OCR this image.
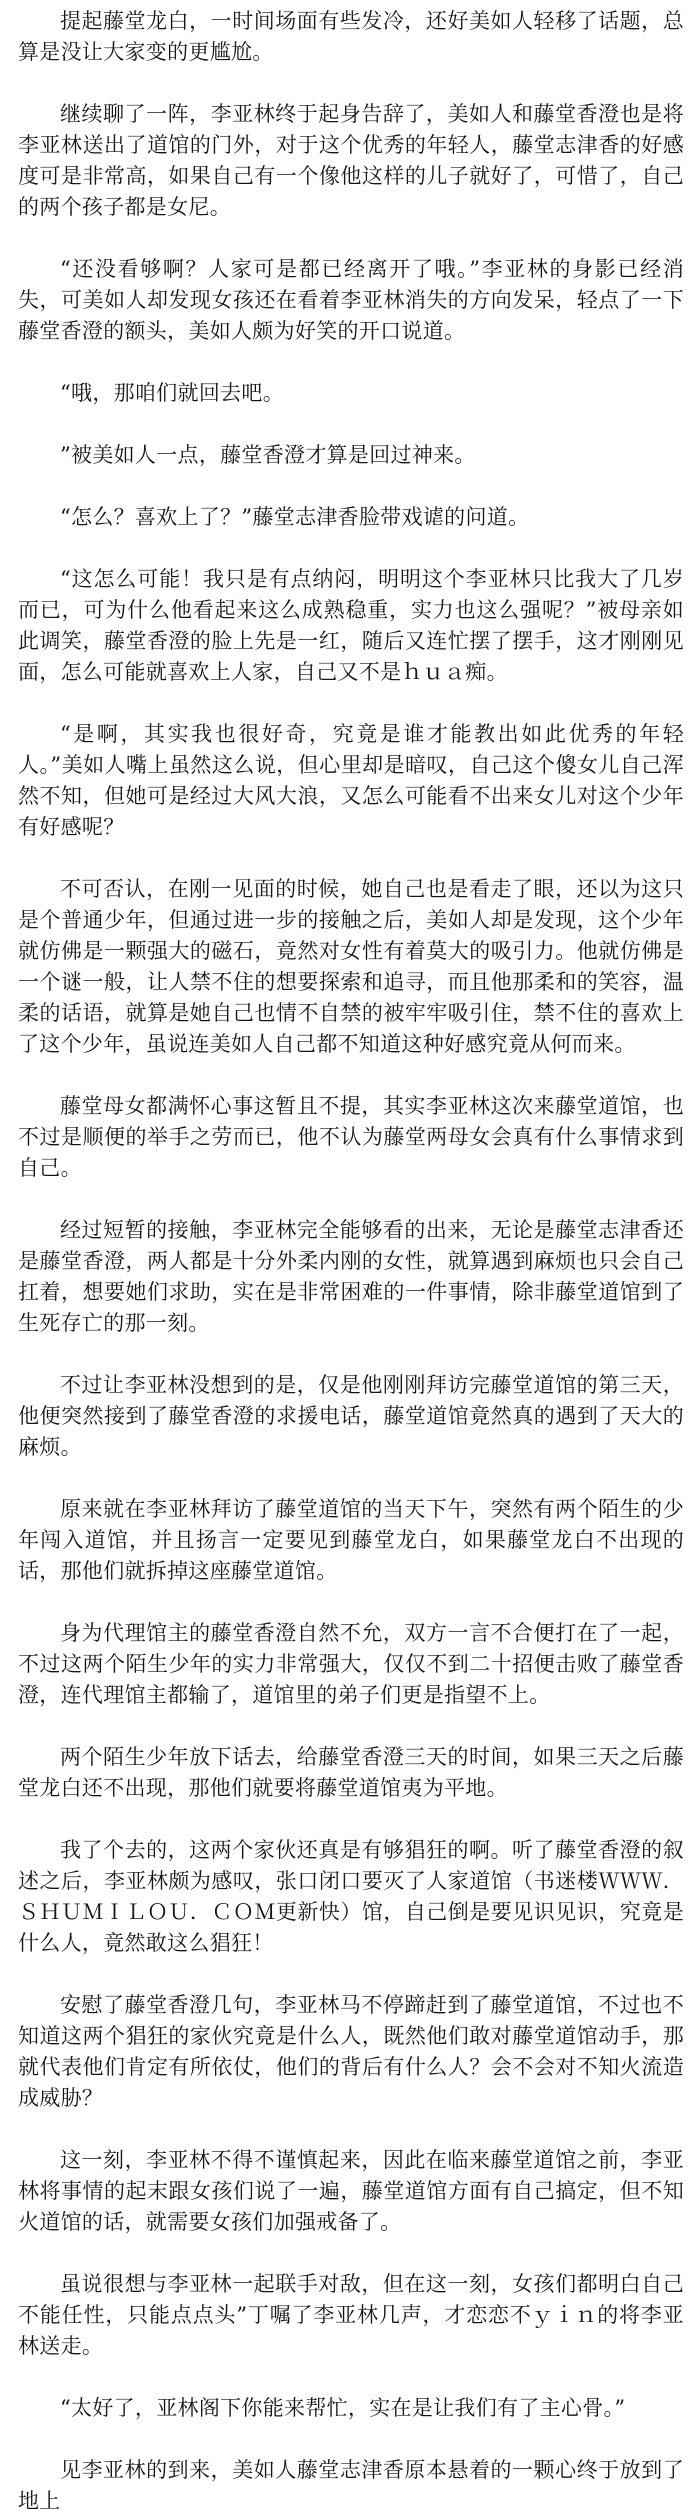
提起藤堂龙白，一时间场面有些发冷，还好美如人轻移了话题，总算是没让大家变的更尴尬。

继续聊了一阵，李亚林终于起身告辞了，美如人和藤堂香澄也是将李亚林送出了道馆的门外，对于这个优秀的年轻人，藤堂志津香的好感度可是非常高，如果自己有一个像他这样的儿子就好了，可惜了，自己的两个孩子都是女尼。

“还没看够啊？人家可是都已经离开了哦。”李亚林的身影已经消失，可美如人却发现女孩还在看着李亚林消失的方向发呆，轻点了一下藤堂香澄的额头，美如人颇为好笑的开口说道。

“哦，那咱们就回去吧。

”被美如人一点，藤堂香澄才算是回过神来。

“怎么？喜欢上了？”藤堂志津香脸带戏谑的问道。

“这怎么可能！我只是有点纳闷，明明这个李亚林只比我大了几岁而已，可为什么他看起来这么成熟稳重，实力也这么强呢？”被母亲如此调笑，藤堂香澄的脸上先是一红，随后又连忙摆了摆手，这才刚刚见面，怎么可能就喜欢上人家，自己又不是ｈｕａ痴。

“是啊，其实我也很好奇，究竟是谁才能教出如此优秀的年轻人。”美如人嘴上虽然这么说，但心里却是暗叹，自己这个傻女儿自己浑然不知，但她可是经过大风大浪，又怎么可能看不出来女儿对这个少年有好感呢？

不可否认，在刚一见面的时候，她自己也是看走了眼，还以为这只是个普通少年，但通过进一步的接触之后，美如人却是发现，这个少年就仿佛是一颗强大的磁石，竟然对女性有着莫大的吸引力。他就仿佛是一个谜一般，让人禁不住的想要探索和追寻，而且他那柔和的笑容，温柔的话语，就算是她自己也情不自禁的被牢牢吸引住，禁不住的喜欢上了这个少年，虽说连美如人自己都不知道这种好感究竟从何而来。

藤堂母女都满怀心事这暂且不提，其实李亚林这次来藤堂道馆，也不过是顺便的举手之劳而已，他不认为藤堂两母女会真有什么事情求到自己。

经过短暂的接触，李亚林完全能够看的出来，无论是藤堂志津香还是藤堂香澄，两人都是十分外柔内刚的女性，就算遇到麻烦也只会自己扛着，想要她们求助，实在是非常困难的一件事情，除非藤堂道馆到了生死存亡的那一刻。

不过让李亚林没想到的是，仅是他刚刚拜访完藤堂道馆的第三天，他便突然接到了藤堂香澄的求援电话，藤堂道馆竟然真的遇到了天大的麻烦。

原来就在李亚林拜访了藤堂道馆的当天下午，突然有两个陌生的少年闯入道馆，并且扬言一定要见到藤堂龙白，如果藤堂龙白不出现的话，那他们就拆掉这座藤堂道馆。

身为代理馆主的藤堂香澄自然不允，双方一言不合便打在了一起，不过这两个陌生少年的实力非常强大，仅仅不到二十招便击败了藤堂香澄，连代理馆主都输了，道馆里的弟子们更是指望不上。

两个陌生少年放下话去，给藤堂香澄三天的时间，如果三天之后藤堂龙白还不出现，那他们就要将藤堂道馆夷为平地。

我了个去的，这两个家伙还真是有够猖狂的啊。听了藤堂香澄的叙述之后，李亚林颇为感叹，张口闭口要灭了人家道馆（书迷楼ＷＷＷ．ＳＨＵＭＩＬＯＵ．ＣＯＭ更新快）馆，自己倒是要见识见识，究竟是什么人，竟然敢这么猖狂！

安慰了藤堂香澄几句，李亚林马不停蹄赶到了藤堂道馆，不过也不知道这两个猖狂的家伙究竟是什么人，既然他们敢对藤堂道馆动手，那就代表他们肯定有所依仗，他们的背后有什么人？会不会对不知火流造成威胁？

这一刻，李亚林不得不谨慎起来，因此在临来藤堂道馆之前，李亚林将事情的起末跟女孩们说了一遍，藤堂道馆方面有自己搞定，但不知火道馆的话，就需要女孩们加强戒备了。

虽说很想与李亚林一起联手对敌，但在这一刻，女孩们都明白自己不能任性，只能点点头”丁嘱了李亚林几声，才恋恋不ｙｉｎ的将李亚林送走。

“太好了，亚林阁下你能来帮忙，实在是让我们有了主心骨。”

见李亚林的到来，美如人藤堂志津香原本悬着的一颗心终于放到了地上
